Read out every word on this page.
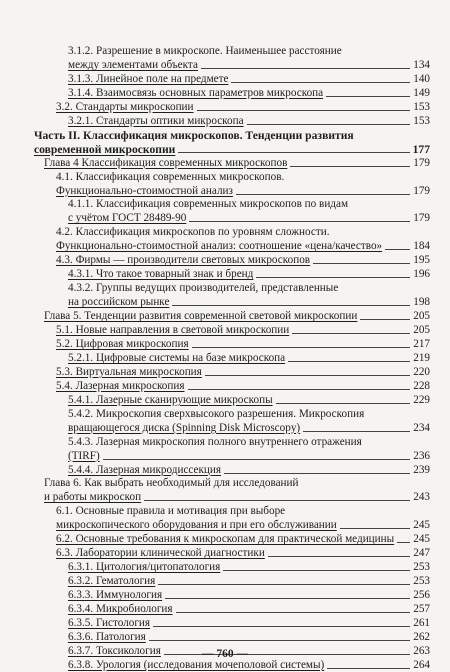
3.1.2. Разрешение в микроскопе. Наименьшее расстояние
между элементами объекта	134
3.1.3. Линейное поле на предмете	140
3.1.4. Взаимосвязь основных параметров микроскопа	149
3.2. Стандарты микроскопии	153
3.2.1. Стандарты оптики микроскопа	153
Часть II. Классификация микроскопов. Тенденции развития
современной микроскопии	177
Глава 4 Классификация современных микроскопов	179
4.1. Классификация современных микроскопов.
Функционально-стоимостной анализ	179
4.1.1. Классификация современных микроскопов по видам
с учётом ГОСТ 28489-90	179
4.2. Классификация микроскопов по уровням сложности.
Функционально-стоимостной анализ: соотношение «цена/качество»	184
4.3. Фирмы — производители световых микроскопов	195
4.3.1. Что такое товарный знак и бренд	196
4.3.2. Группы ведущих производителей, представленные
на российском рынке	198
Глава 5. Тенденции развития современной световой микроскопии	205
5.1. Новые направления в световой микроскопии	205
5.2. Цифровая микроскопия	217
5.2.1. Цифровые системы на базе микроскопа	219
5.3. Виртуальная микроскопия	220
5.4. Лазерная микроскопия	228
5.4.1. Лазерные сканирующие микроскопы	229
5.4.2. Микроскопия сверхвысокого разрешения. Микроскопия
вращающегося диска (Spinning Disk Microscopy)	234
5.4.3. Лазерная микроскопия полного внутреннего отражения
(TIRF)	236
5.4.4. Лазерная микродиссекция	239
Глава 6. Как выбрать необходимый для исследований
и работы микроскоп	243
6.1. Основные правила и мотивация при выборе
микроскопического оборудования и при его обслуживании	245
6.2. Основные требования к микроскопам для практической медицины 245
6.3. Лаборатории клинической диагностики	247
6.3.1. Цитология/цитопатология	253
6.3.2. Гематология	253
6.3.3. Иммунология	256
6.3.4. Микробиология	257
6.3.5. Гистология	261
6.3.6. Патология	262
6.3.7. Токсикология	263
6.3.8. Урология (исследования мочеполовой системы)	264
— 760 —
